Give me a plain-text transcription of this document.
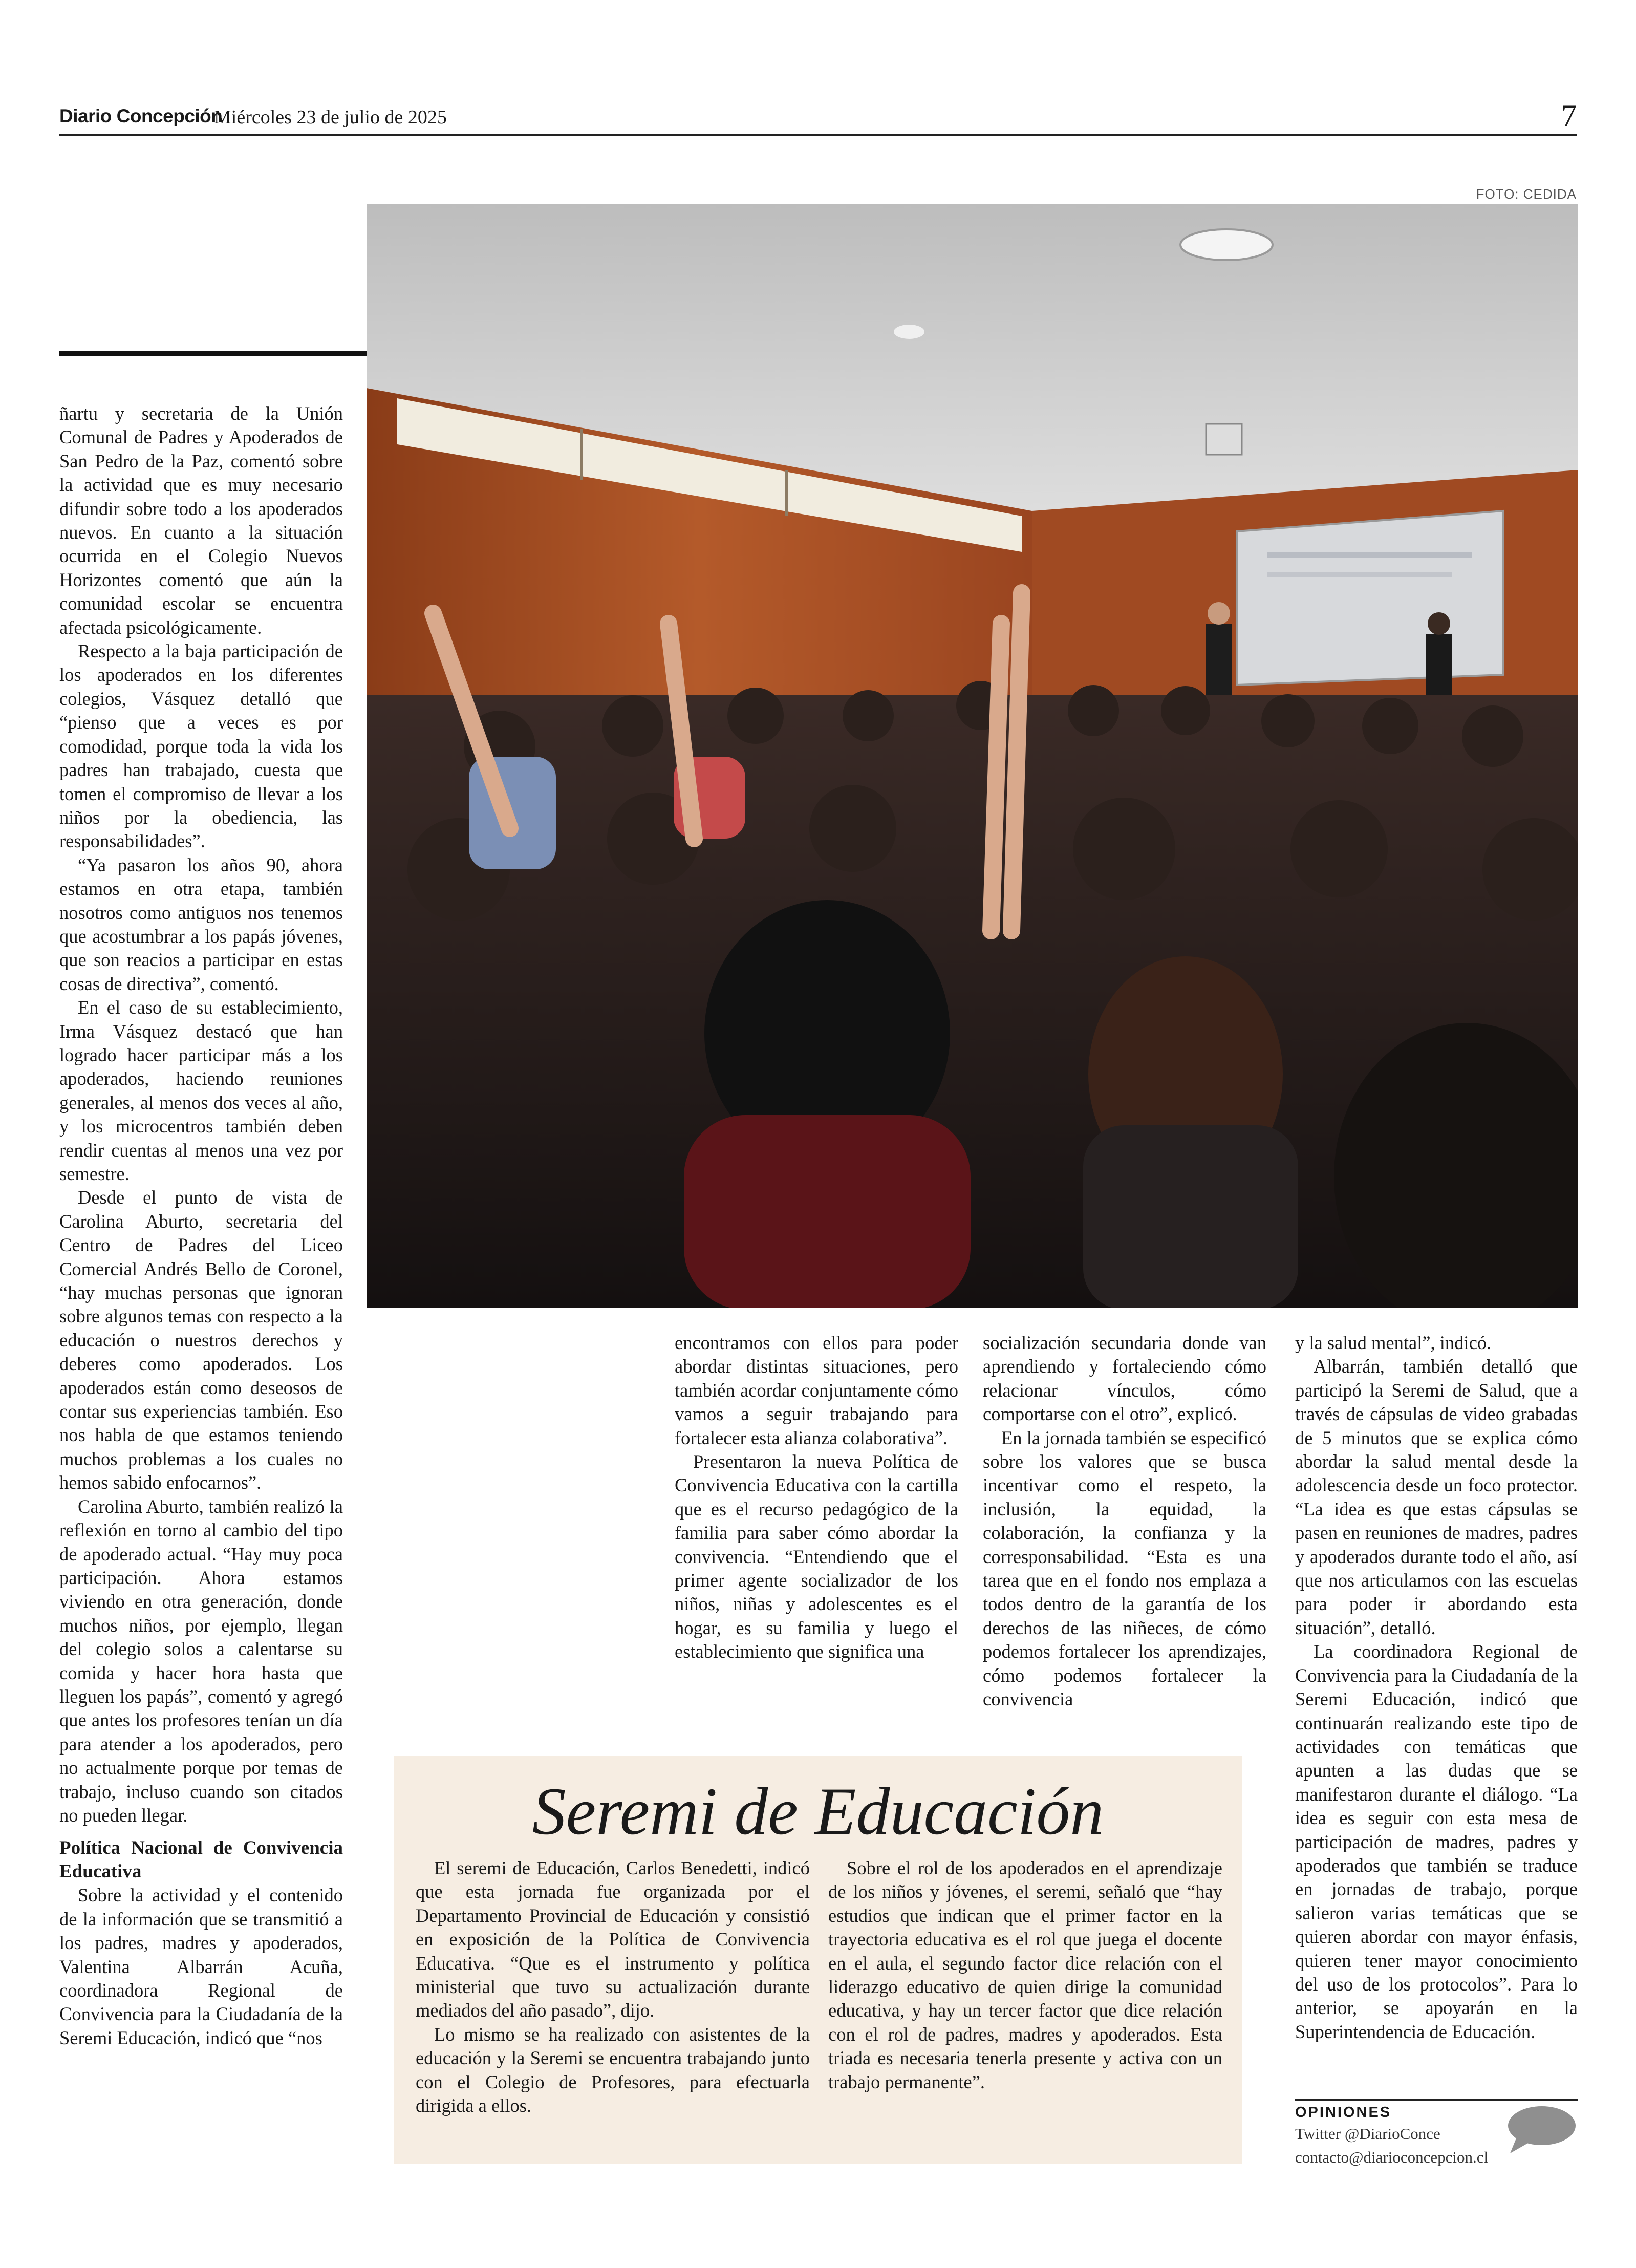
Diario Concepción
Miércoles 23 de julio de 2025	7
FOTO: CEDIDA

ñartu y secretaria de la Unión Comunal de Padres y Apoderados de San Pedro de la Paz, comentó sobre la actividad que es muy necesario difundir sobre todo a los apoderados nuevos. En cuanto a la situación ocurrida en el Colegio Nuevos Horizontes comentó que aún la comunidad escolar se encuentra afectada psicológicamente.

Respecto a la baja participación de los apoderados en los diferentes colegios, Vásquez detalló que “pienso que a veces es por comodidad, porque toda la vida los padres han trabajado, cuesta que tomen el compromiso de llevar a los niños por la obediencia, las responsabilidades”.

“Ya pasaron los años 90, ahora estamos en otra etapa, también nosotros como antiguos nos tenemos que acostumbrar a los papás jóvenes, que son reacios a participar en estas cosas de directiva”, comentó.

En el caso de su establecimiento, Irma Vásquez destacó que han logrado hacer participar más a los apoderados, haciendo reuniones generales, al menos dos veces al año, y los microcentros también deben rendir cuentas al menos una vez por semestre.

Desde el punto de vista de Carolina Aburto, secretaria del Centro de Padres del Liceo Comercial Andrés Bello de Coronel, “hay muchas personas que ignoran sobre algunos temas con respecto a la educación o nuestros derechos y deberes como apoderados. Los apoderados están como deseosos de contar sus experiencias también. Eso nos habla de que estamos teniendo muchos problemas a los cuales no hemos sabido enfocarnos”.

Carolina Aburto, también realizó la reflexión en torno al cambio del tipo de apoderado actual. “Hay muy poca participación. Ahora estamos viviendo en otra generación, donde muchos niños, por ejemplo, llegan del colegio solos a calentarse su comida y hacer hora hasta que lleguen los papás”, comentó y agregó que antes los profesores tenían un día para atender a los apoderados, pero no actualmente porque por temas de trabajo, incluso cuando son citados no pueden llegar.

Política Nacional de Convivencia Educativa

Sobre la actividad y el contenido de la información que se transmitió a los padres, madres y apoderados, Valentina Albarrán Acuña, coordinadora Regional de Convivencia para la Ciudadanía de la Seremi Educación, indicó que “nos

encontramos con ellos para poder abordar distintas situaciones, pero también acordar conjuntamente cómo vamos a seguir trabajando para fortalecer esta alianza colaborativa”.

Presentaron la nueva Política de Convivencia Educativa con la cartilla que es el recurso pedagógico de la familia para saber cómo abordar la convivencia. “Entendiendo que el primer agente socializador de los niños, niñas y adolescentes es el hogar, es su familia y luego el establecimiento que significa una

socialización secundaria donde van aprendiendo y fortaleciendo cómo relacionar vínculos, cómo comportarse con el otro”, explicó.

En la jornada también se especificó sobre los valores que se busca incentivar como el respeto, la inclusión, la equidad, la colaboración, la confianza y la corresponsabilidad. “Esta es una tarea que en el fondo nos emplaza a todos dentro de la garantía de los derechos de las niñeces, de cómo podemos fortalecer los aprendizajes, cómo podemos fortalecer la convivencia

y la salud mental”, indicó.

Albarrán, también detalló que participó la Seremi de Salud, que a través de cápsulas de video grabadas de 5 minutos que se explica cómo abordar la salud mental desde la adolescencia desde un foco protector. “La idea es que estas cápsulas se pasen en reuniones de madres, padres y apoderados durante todo el año, así que nos articulamos con las escuelas para poder ir abordando esta situación”, detalló.

La coordinadora Regional de Convivencia para la Ciudadanía de la Seremi Educación, indicó que continuarán realizando este tipo de actividades con temáticas que apunten a las dudas que se manifestaron durante el diálogo. “La idea es seguir con esta mesa de participación de madres, padres y apoderados que también se traduce en jornadas de trabajo, porque salieron varias temáticas que se quieren abordar con mayor énfasis, quieren tener mayor conocimiento del uso de los protocolos”. Para lo anterior, se apoyarán en la Superintendencia de Educación.

Seremi de Educación

El seremi de Educación, Carlos Benedetti, indicó que esta jornada fue organizada por el Departamento Provincial de Educación y consistió en exposición de la Política de Convivencia Educativa. “Que es el instrumento y política ministerial que tuvo su actualización durante mediados del año pasado”, dijo.

Lo mismo se ha realizado con asistentes de la educación y la Seremi se encuentra trabajando junto con el Colegio de Profesores, para efectuarla dirigida a ellos.

Sobre el rol de los apoderados en el aprendizaje de los niños y jóvenes, el seremi, señaló que “hay estudios que indican que el primer factor en la trayectoria educativa es el rol que juega el docente en el aula, el segundo factor dice relación con el liderazgo educativo de quien dirige la comunidad educativa, y hay un tercer factor que dice relación con el rol de padres, madres y apoderados. Esta triada es necesaria tenerla presente y activa con un trabajo permanente”.

OPINIONES
Twitter @DiarioConce
contacto@diarioconcepcion.cl
